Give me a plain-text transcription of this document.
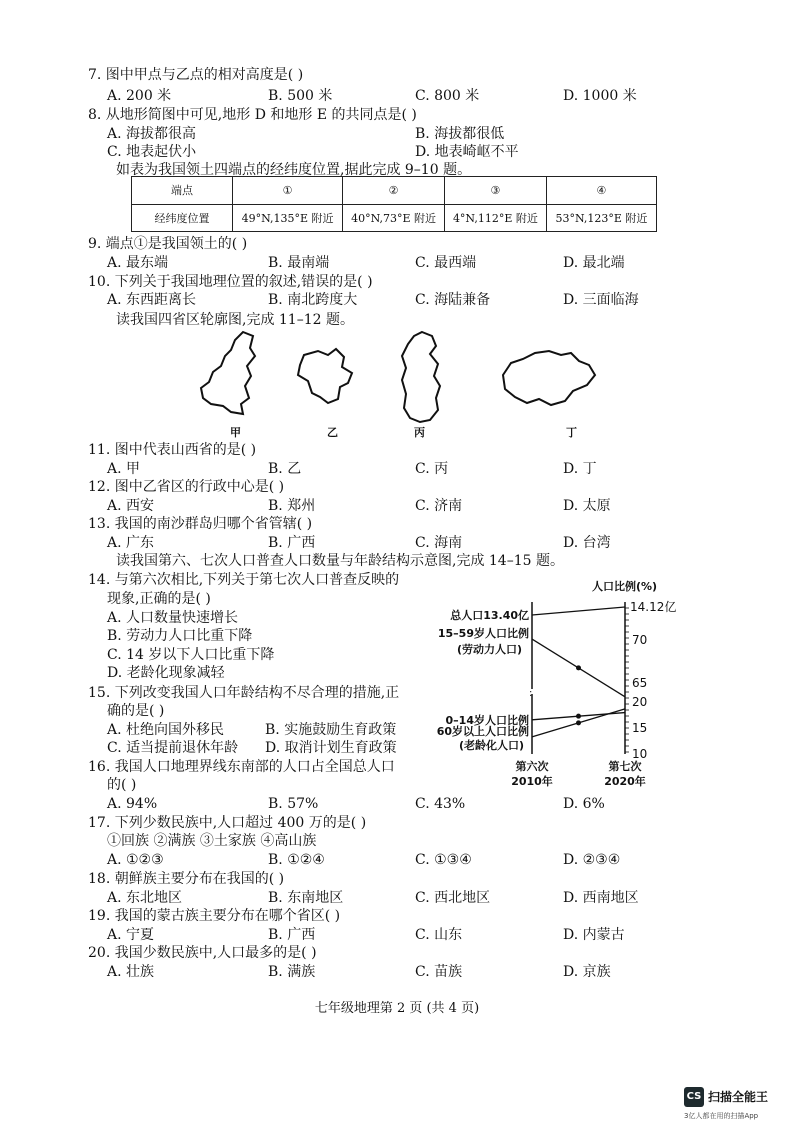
7. 图中甲点与乙点的相对高度是( )
A. 200 米	B. 500 米	C. 800 米	D. 1000 米
8. 从地形简图中可见,地形 D 和地形 E 的共同点是( )
A. 海拔都很高	B. 海拔都很低
C. 地表起伏小	D. 地表崎岖不平
如表为我国领土四端点的经纬度位置,据此完成 9–10 题。
端点	①	②	③	④
经纬度位置	49°N,135°E 附近	40°N,73°E 附近	4°N,112°E 附近	53°N,123°E 附近
9. 端点①是我国领土的( )
A. 最东端	B. 最南端	C. 最西端	D. 最北端
10. 下列关于我国地理位置的叙述,错误的是( )
A. 东西距离长	B. 南北跨度大	C. 海陆兼备	D. 三面临海
读我国四省区轮廓图,完成 11–12 题。
甲	乙	丙	丁
11. 图中代表山西省的是( )
A. 甲	B. 乙	C. 丙	D. 丁
12. 图中乙省区的行政中心是( )
A. 西安	B. 郑州	C. 济南	D. 太原
13. 我国的南沙群岛归哪个省管辖( )
A. 广东	B. 广西	C. 海南	D. 台湾
读我国第六、七次人口普查人口数量与年龄结构示意图,完成 14–15 题。
14. 与第六次相比,下列关于第七次人口普查反映的
现象,正确的是( )
A. 人口数量快速增长
B. 劳动力人口比重下降
C. 14 岁以下人口比重下降
D. 老龄化现象减轻
15. 下列改变我国人口年龄结构不尽合理的措施,正
确的是( )
A. 杜绝向国外移民	B. 实施鼓励生育政策
C. 适当提前退休年龄 D. 取消计划生育政策
16. 我国人口地理界线东南部的人口占全国总人口
的( )
A. 94%	B. 57%	C. 43%	D. 6%
17. 下列少数民族中,人口超过 400 万的是( )
①回族 ②满族 ③土家族 ④高山族
A. ①②③	B. ①②④	C. ①③④	D. ②③④
18. 朝鲜族主要分布在我国的( )
A. 东北地区	B. 东南地区	C. 西北地区	D. 西南地区
19. 我国的蒙古族主要分布在哪个省区( )
A. 宁夏	B. 广西	C. 山东	D. 内蒙古
20. 我国少数民族中,人口最多的是( )
A. 壮族	B. 满族	C. 苗族	D. 京族
:
10
15
20
65
70
人口比例(%)
总人口13.40亿
14.12亿
15–59岁人口比例
(劳动力人口)
0–14岁人口比例
60岁以上人口比例
(老龄化人口)
第六次
2010年
第七次
2020年
七年级地理第 2 页 (共 4 页)
CS 扫描全能王
3亿人都在用的扫描App
